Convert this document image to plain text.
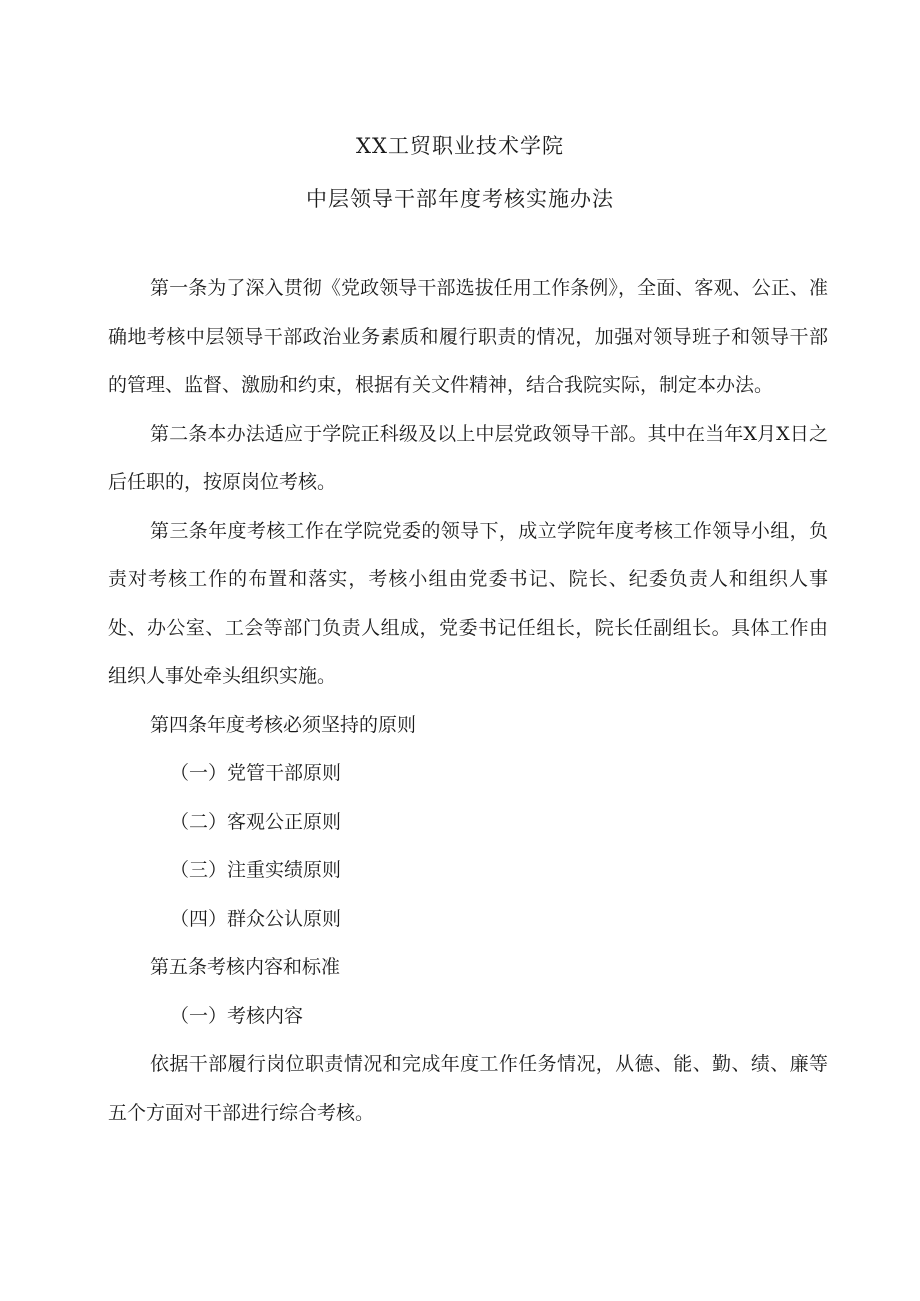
XX工贸职业技术学院
中层领导干部年度考核实施办法

第一条为了深入贯彻《党政领导干部选拔任用工作条例》，全面、客观、公正、准确地考核中层领导干部政治业务素质和履行职责的情况，加强对领导班子和领导干部的管理、监督、激励和约束，根据有关文件精神，结合我院实际，制定本办法。

第二条本办法适应于学院正科级及以上中层党政领导干部。其中在当年X月X日之后任职的，按原岗位考核。

第三条年度考核工作在学院党委的领导下，成立学院年度考核工作领导小组，负责对考核工作的布置和落实，考核小组由党委书记、院长、纪委负责人和组织人事处、办公室、工会等部门负责人组成，党委书记任组长，院长任副组长。具体工作由组织人事处牵头组织实施。

第四条年度考核必须坚持的原则

（一）党管干部原则

（二）客观公正原则

（三）注重实绩原则

（四）群众公认原则

第五条考核内容和标准

（一）考核内容

依据干部履行岗位职责情况和完成年度工作任务情况，从德、能、勤、绩、廉等五个方面对干部进行综合考核。
